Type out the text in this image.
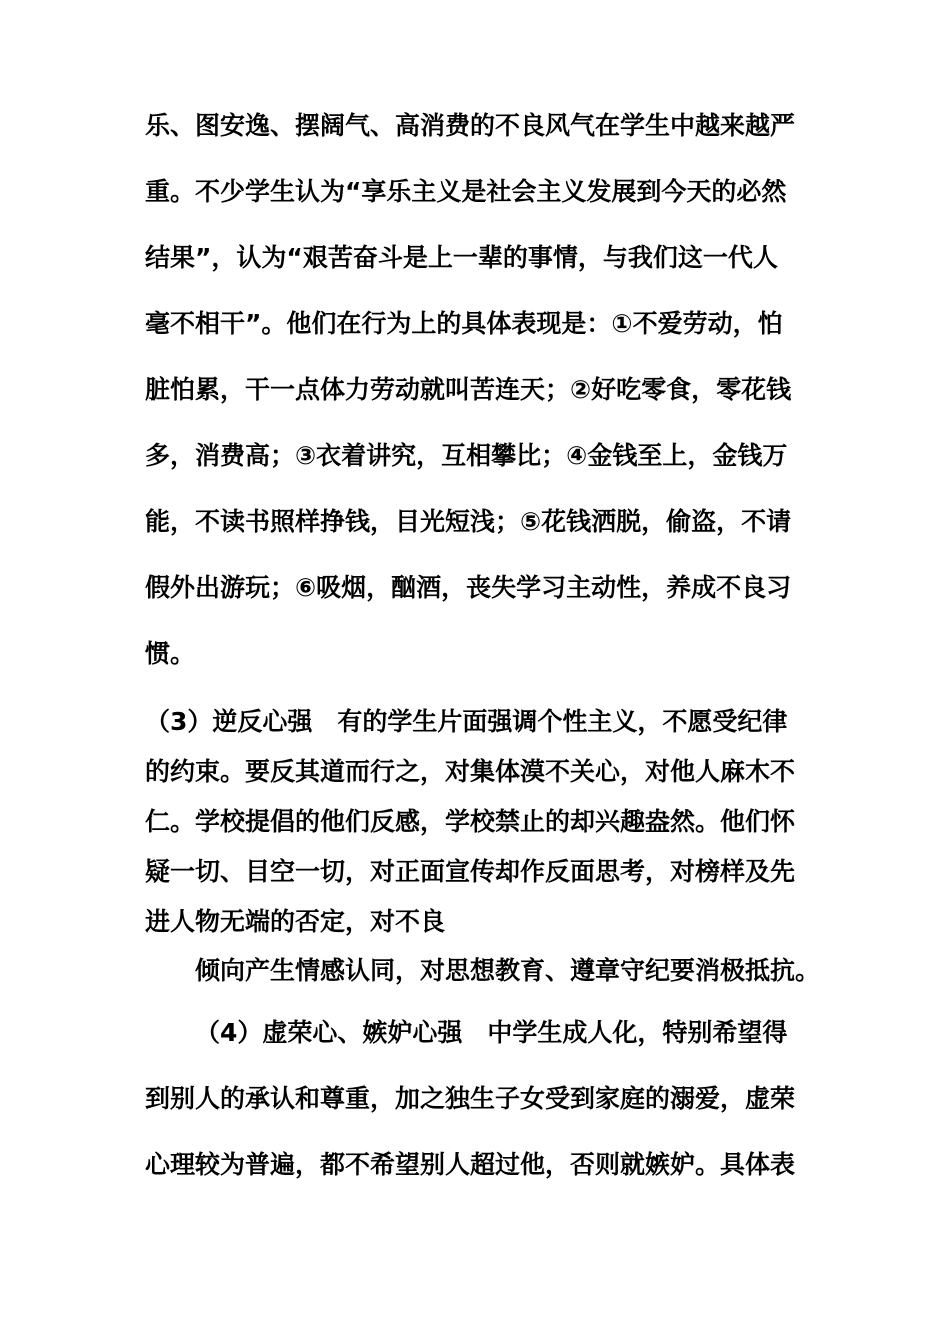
乐、图安逸、摆阔气、高消费的不良风气在学生中越来越严
重。不少学生认为“享乐主义是社会主义发展到今天的必然
结果”，认为“艰苦奋斗是上一辈的事情，与我们这一代人
毫不相干”。他们在行为上的具体表现是：①不爱劳动，怕
脏怕累，干一点体力劳动就叫苦连天；②好吃零食，零花钱
多，消费高；③衣着讲究，互相攀比；④金钱至上，金钱万
能，不读书照样挣钱，目光短浅；⑤花钱洒脱，偷盗，不请
假外出游玩；⑥吸烟，酗酒，丧失学习主动性，养成不良习
惯。
（3）逆反心强　有的学生片面强调个性主义，不愿受纪律
的约束。要反其道而行之，对集体漠不关心，对他人麻木不
仁。学校提倡的他们反感，学校禁止的却兴趣盎然。他们怀
疑一切、目空一切，对正面宣传却作反面思考，对榜样及先
进人物无端的否定，对不良
倾向产生情感认同，对思想教育、遵章守纪要消极抵抗。
（4）虚荣心、嫉妒心强　中学生成人化，特别希望得
到别人的承认和尊重，加之独生子女受到家庭的溺爱，虚荣
心理较为普遍，都不希望别人超过他，否则就嫉妒。具体表
